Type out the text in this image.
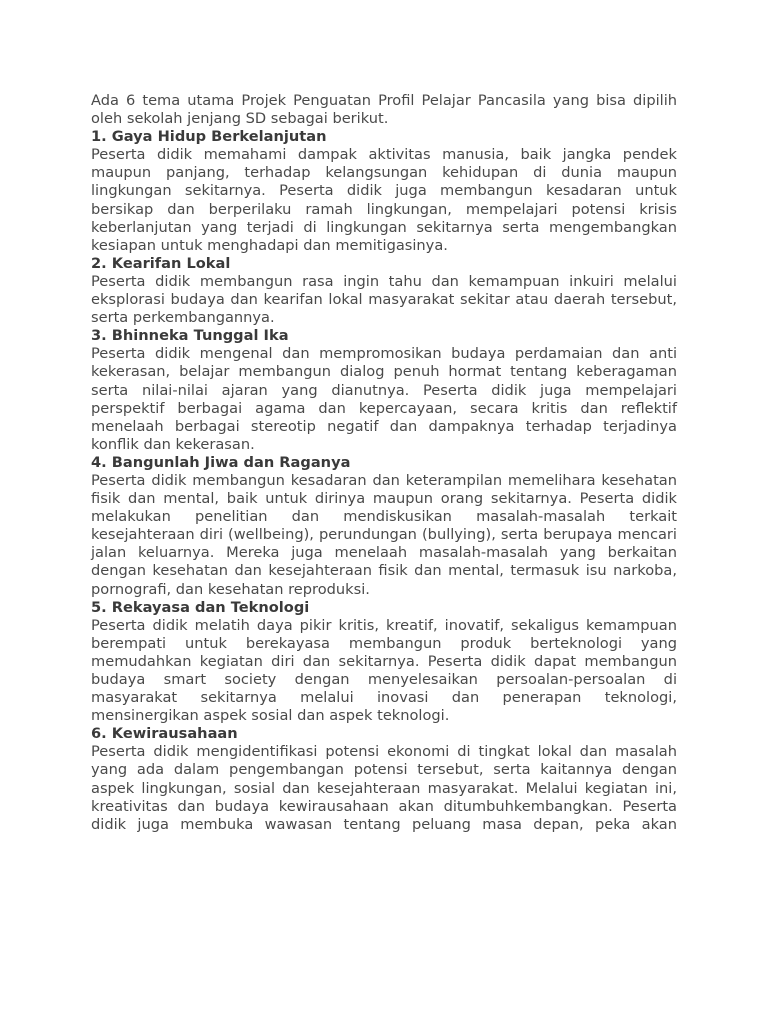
Ada 6 tema utama Projek Penguatan Profil Pelajar Pancasila yang bisa dipilih oleh sekolah jenjang SD sebagai berikut.

1. Gaya Hidup Berkelanjutan

Peserta didik memahami dampak aktivitas manusia, baik jangka pendek maupun panjang, terhadap kelangsungan kehidupan di dunia maupun lingkungan sekitarnya. Peserta didik juga membangun kesadaran untuk bersikap dan berperilaku ramah lingkungan, mempelajari potensi krisis keberlanjutan yang terjadi di lingkungan sekitarnya serta mengembangkan kesiapan untuk menghadapi dan memitigasinya.

2. Kearifan Lokal

Peserta didik membangun rasa ingin tahu dan kemampuan inkuiri melalui eksplorasi budaya dan kearifan lokal masyarakat sekitar atau daerah tersebut, serta perkembangannya.

3. Bhinneka Tunggal Ika

Peserta didik mengenal dan mempromosikan budaya perdamaian dan anti kekerasan, belajar membangun dialog penuh hormat tentang keberagaman serta nilai-nilai ajaran yang dianutnya. Peserta didik juga mempelajari perspektif berbagai agama dan kepercayaan, secara kritis dan reflektif menelaah berbagai stereotip negatif dan dampaknya terhadap terjadinya konflik dan kekerasan.

4. Bangunlah Jiwa dan Raganya

Peserta didik membangun kesadaran dan keterampilan memelihara kesehatan fisik dan mental, baik untuk dirinya maupun orang sekitarnya. Peserta didik melakukan penelitian dan mendiskusikan masalah-masalah terkait kesejahteraan diri (wellbeing), perundungan (bullying), serta berupaya mencari jalan keluarnya. Mereka juga menelaah masalah-masalah yang berkaitan dengan kesehatan dan kesejahteraan fisik dan mental, termasuk isu narkoba, pornografi, dan kesehatan reproduksi.

5. Rekayasa dan Teknologi

Peserta didik melatih daya pikir kritis, kreatif, inovatif, sekaligus kemampuan berempati untuk berekayasa membangun produk berteknologi yang memudahkan kegiatan diri dan sekitarnya. Peserta didik dapat membangun budaya smart society dengan menyelesaikan persoalan-persoalan di masyarakat sekitarnya melalui inovasi dan penerapan teknologi, mensinergikan aspek sosial dan aspek teknologi.

6. Kewirausahaan

Peserta didik mengidentifikasi potensi ekonomi di tingkat lokal dan masalah yang ada dalam pengembangan potensi tersebut, serta kaitannya dengan aspek lingkungan, sosial dan kesejahteraan masyarakat. Melalui kegiatan ini, kreativitas dan budaya kewirausahaan akan ditumbuhkembangkan. Peserta didik juga membuka wawasan tentang peluang masa depan, peka akan
